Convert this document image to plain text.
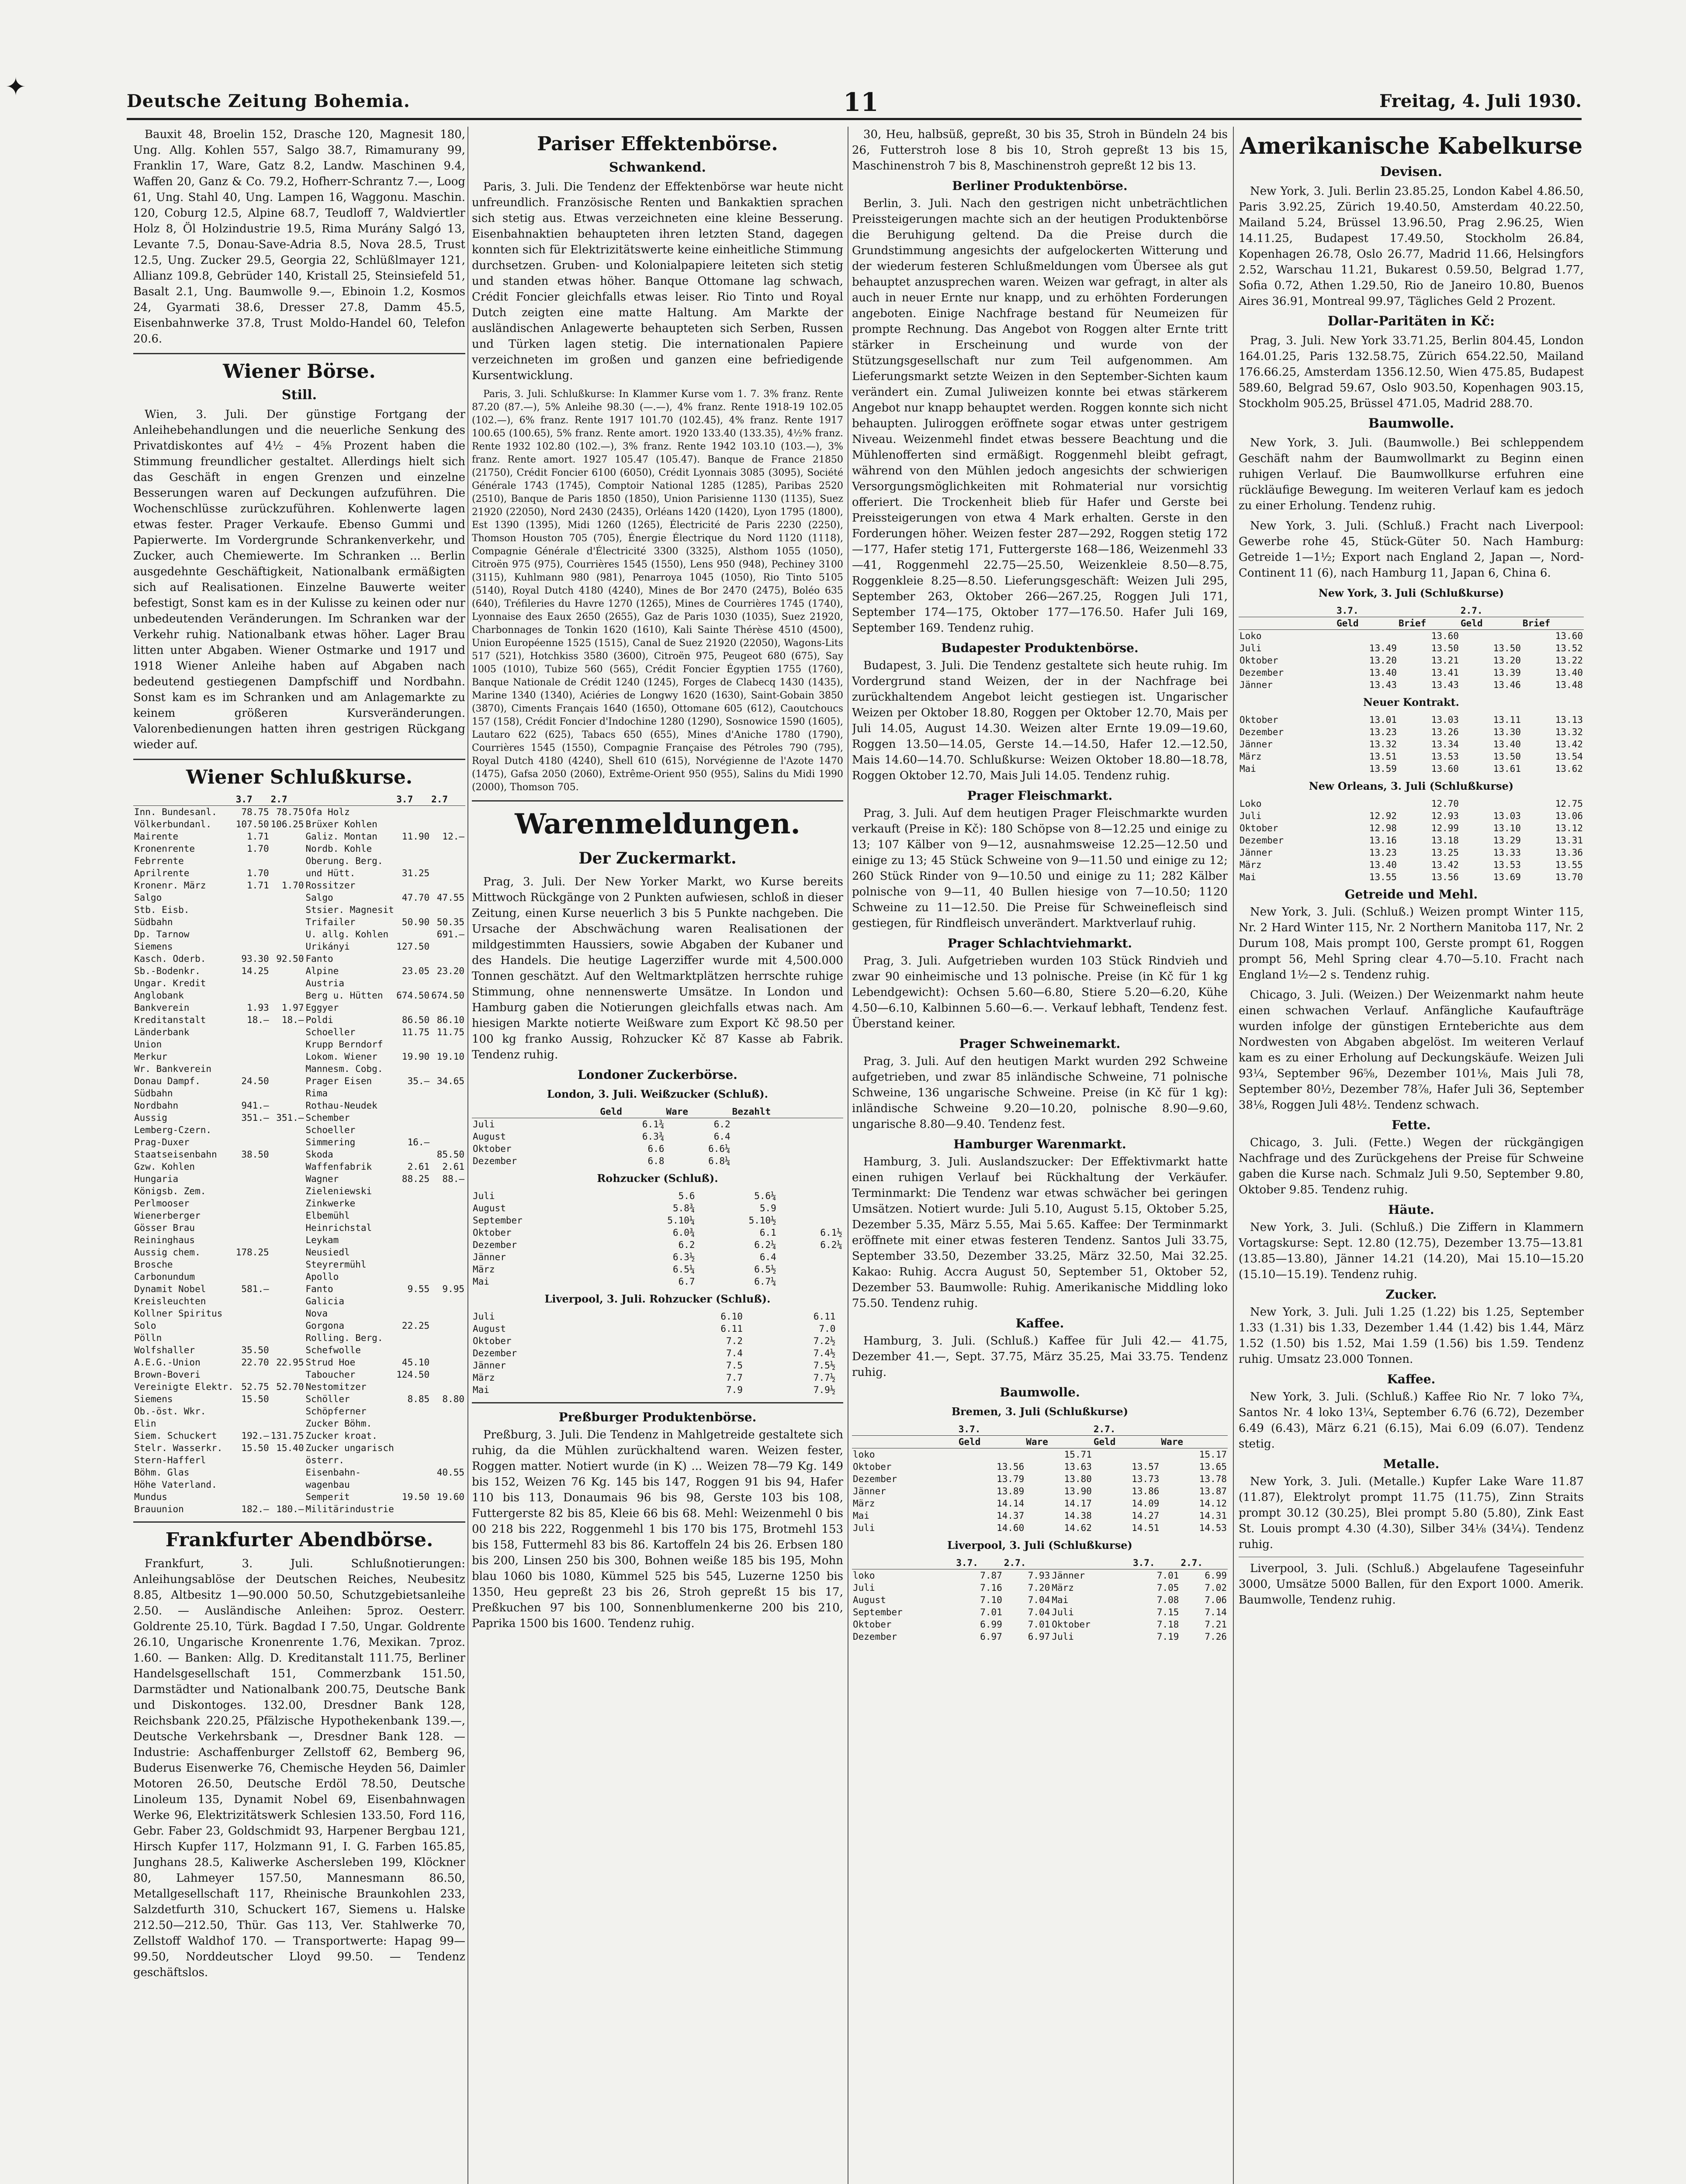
✦	Deutsche Zeitung Bohemia.	11	Freitag, 4. Juli 1930.

Bauxit 48, Broelin 152, Drasche 120, Magnesit 180, Ung. Allg. Kohlen 557, Salgo 38.7, Rimamurany 99, Franklin 17, Ware, Gatz 8.2, Landw. Maschinen 9.4, Waffen 20, Ganz & Co. 79.2, Hofherr-Schrantz 7.—, Loog 61, Ung. Stahl 40, Ung. Lampen 16, Waggonu. Maschin. 120, Coburg 12.5, Alpine 68.7, Teudloff 7, Waldviertler Holz 8, Öl Holzindustrie 19.5, Rima Murány Salgó 13, Levante 7.5, Donau-Save-Adria 8.5, Nova 28.5, Trust 12.5, Ung. Zucker 29.5, Georgia 22, Schlüßlmayer 121, Allianz 109.8, Gebrüder 140, Kristall 25, Steinsiefeld 51, Basalt 2.1, Ung. Baumwolle 9.—, Ebinoin 1.2, Kosmos 24, Gyarmati 38.6, Dresser 27.8, Damm 45.5, Eisenbahnwerke 37.8, Trust Moldo-Handel 60, Telefon 20.6.

Wiener Börse.
Still.

Wien, 3. Juli. Der günstige Fortgang der Anleihebehandlungen und die neuerliche Senkung des Privatdiskontes auf 4½ – 4⅝ Prozent haben die Stimmung freundlicher gestaltet. Allerdings hielt sich das Geschäft in engen Grenzen und einzelne Besserungen waren auf Deckungen aufzuführen. Die Wochenschlüsse zurückzuführen. Kohlenwerte lagen etwas fester. Prager Verkaufe. Ebenso Gummi und Papierwerte. Im Vordergrunde Schrankenverkehr, und Zucker, auch Chemiewerte. Im Schranken ... Berlin ausgedehnte Geschäftigkeit, Nationalbank ermäßigten sich auf Realisationen. Einzelne Bauwerte weiter befestigt, Sonst kam es in der Kulisse zu keinen oder nur unbedeutenden Veränderungen. Im Schranken war der Verkehr ruhig. Nationalbank etwas höher. Lager Brau litten unter Abgaben. Wiener Ostmarke und 1917 und 1918 Wiener Anleihe haben auf Abgaben nach bedeutend gestiegenen Dampfschiff und Nordbahn. Sonst kam es im Schranken und am Anlagemarkte zu keinem größeren Kursveränderungen. Valorenbedienungen hatten ihren gestrigen Rückgang wieder auf.

Wiener Schlußkurse.
	3.7	2.7		3.7	2.7
Inn. Bundesanl.	78.75	78.75	Ofa Holz		
Völkerbundanl.	107.50	106.25	Brüxer Kohlen		
Mairente	1.71		Galiz. Montan	11.90	12.—
Kronenrente	1.70		Nordb. Kohle		
Febrrente			Oberung. Berg.		
Aprilrente	1.70		und Hütt.	31.25	
Kronenr. März	1.71	1.70	Rossitzer		
Salgo			Salgo	47.70	47.55
Stb. Eisb.			Stsier. Magnesit		
Südbahn			Trifailer	50.90	50.35
Dp. Tarnow			U. allg. Kohlen		691.—
Siemens			Urikányi	127.50	
Kasch. Oderb.	93.30	92.50	Fanto		
Sb.-Bodenkr.	14.25		Alpine	23.05	23.20
Ungar. Kredit			Austria		
Anglobank			Berg u. Hütten	674.50	674.50
Bankverein	1.93	1.97	Eggyer		
Kreditanstalt	18.—	18.—	Poldi	86.50	86.10
Länderbank			Schoeller	11.75	11.75
Union			Krupp Berndorf		
Merkur			Lokom. Wiener	19.90	19.10
Wr. Bankverein			Mannesm. Cobg.		
Donau Dampf.	24.50		Prager Eisen	35.—	34.65
Südbahn			Rima		
Nordbahn	941.—		Rothau-Neudek		
Aussig	351.—	351.—	Schember		
Lemberg-Czern.			Schoeller		
Prag-Duxer			Simmering	16.—	
Staatseisenbahn	38.50		Skoda		85.50
Gzw. Kohlen			Waffenfabrik	2.61	2.61
Hungaria			Wagner	88.25	88.—
Königsb. Zem.			Zieleniewski		
Perlmooser			Zinkwerke		
Wienerberger			Elbemühl		
Gösser Brau			Heinrichstal		
Reininghaus			Leykam		
Aussig chem.	178.25		Neusiedl		
Brosche			Steyrermühl		
Carbonundum			Apollo		
Dynamit Nobel	581.—		Fanto	9.55	9.95
Kreisleuchten			Galicia		
Kollner Spiritus			Nova		
Solo			Gorgona	22.25	
Pölln			Rolling. Berg.		
Wolfshaller	35.50		Schefwolle		
A.E.G.-Union	22.70	22.95	Strud Hoe	45.10	
Brown-Boveri			Taboucher	124.50	
Vereinigte Elektr.	52.75	52.70	Nestomitzer		
Siemens	15.50		Schöller	8.85	8.80
Ob.-öst. Wkr.			Schöpferner		
Elin			Zucker Böhm.		
Siem. Schuckert	192.—	131.75	Zucker kroat.		
Stelr. Wasserkr.	15.50	15.40	Zucker ungarisch		
Stern-Hafferl			österr.		
Böhm. Glas			Eisenbahn-		40.55
Höhe Vaterland.			wagenbau		
Mundus			Semperit	19.50	19.60
Brauunion	182.—	180.—	Militärindustrie		
Frankfurter Abendbörse.

Frankfurt, 3. Juli. Schlußnotierungen: Anleihungsablöse der Deutschen Reiches, Neubesitz 8.85, Altbesitz 1—90.000 50.50, Schutzgebietsanleihe 2.50. — Ausländische Anleihen: 5proz. Oesterr. Goldrente 25.10, Türk. Bagdad I 7.50, Ungar. Goldrente 26.10, Ungarische Kronenrente 1.76, Mexikan. 7proz. 1.60. — Banken: Allg. D. Kreditanstalt 111.75, Berliner Handelsgesellschaft 151, Commerzbank 151.50, Darmstädter und Nationalbank 200.75, Deutsche Bank und Diskontoges. 132.00, Dresdner Bank 128, Reichsbank 220.25, Pfälzische Hypothekenbank 139.—, Deutsche Verkehrsbank —, Dresdner Bank 128. — Industrie: Aschaffenburger Zellstoff 62, Bemberg 96, Buderus Eisenwerke 76, Chemische Heyden 56, Daimler Motoren 26.50, Deutsche Erdöl 78.50, Deutsche Linoleum 135, Dynamit Nobel 69, Eisenbahnwagen Werke 96, Elektrizitätswerk Schlesien 133.50, Ford 116, Gebr. Faber 23, Goldschmidt 93, Harpener Bergbau 121, Hirsch Kupfer 117, Holzmann 91, I. G. Farben 165.85, Junghans 28.5, Kaliwerke Aschersleben 199, Klöckner 80, Lahmeyer 157.50, Mannesmann 86.50, Metallgesellschaft 117, Rheinische Braunkohlen 233, Salzdetfurth 310, Schuckert 167, Siemens u. Halske 212.50—212.50, Thür. Gas 113, Ver. Stahlwerke 70, Zellstoff Waldhof 170. — Transportwerte: Hapag 99—99.50, Norddeutscher Lloyd 99.50. — Tendenz geschäftslos.

Pariser Effektenbörse.
Schwankend.

Paris, 3. Juli. Die Tendenz der Effektenbörse war heute nicht unfreundlich. Französische Renten und Bankaktien sprachen sich stetig aus. Etwas verzeichneten eine kleine Besserung. Eisenbahnaktien behaupteten ihren letzten Stand, dagegen konnten sich für Elektrizitätswerte keine einheitliche Stimmung durchsetzen. Gruben- und Kolonialpapiere leiteten sich stetig und standen etwas höher. Banque Ottomane lag schwach, Crédit Foncier gleichfalls etwas leiser. Rio Tinto und Royal Dutch zeigten eine matte Haltung. Am Markte der ausländischen Anlagewerte behaupteten sich Serben, Russen und Türken lagen stetig. Die internationalen Papiere verzeichneten im großen und ganzen eine befriedigende Kursentwicklung.

Paris, 3. Juli. Schlußkurse: In Klammer Kurse vom 1. 7. 3% franz. Rente 87.20 (87.—), 5% Anleihe 98.30 (—.—), 4% franz. Rente 1918-19 102.05 (102.—), 6% franz. Rente 1917 101.70 (102.45), 4% franz. Rente 1917 100.65 (100.65), 5% franz. Rente amort. 1920 133.40 (133.35), 4½% franz. Rente 1932 102.80 (102.—), 3% franz. Rente 1942 103.10 (103.—), 3% franz. Rente amort. 1927 105.47 (105.47). Banque de France 21850 (21750), Crédit Foncier 6100 (6050), Crédit Lyonnais 3085 (3095), Société Générale 1743 (1745), Comptoir National 1285 (1285), Paribas 2520 (2510), Banque de Paris 1850 (1850), Union Parisienne 1130 (1135), Suez 21920 (22050), Nord 2430 (2435), Orléans 1420 (1420), Lyon 1795 (1800), Est 1390 (1395), Midi 1260 (1265), Électricité de Paris 2230 (2250), Thomson Houston 705 (705), Énergie Électrique du Nord 1120 (1118), Compagnie Générale d'Électricité 3300 (3325), Alsthom 1055 (1050), Citroën 975 (975), Courrières 1545 (1550), Lens 950 (948), Pechiney 3100 (3115), Kuhlmann 980 (981), Penarroya 1045 (1050), Rio Tinto 5105 (5140), Royal Dutch 4180 (4240), Mines de Bor 2470 (2475), Boléo 635 (640), Tréfileries du Havre 1270 (1265), Mines de Courrières 1745 (1740), Lyonnaise des Eaux 2650 (2655), Gaz de Paris 1030 (1035), Suez 21920, Charbonnages de Tonkin 1620 (1610), Kali Sainte Thérèse 4510 (4500), Union Européenne 1525 (1515), Canal de Suez 21920 (22050), Wagons-Lits 517 (521), Hotchkiss 3580 (3600), Citroën 975, Peugeot 680 (675), Say 1005 (1010), Tubize 560 (565), Crédit Foncier Égyptien 1755 (1760), Banque Nationale de Crédit 1240 (1245), Forges de Clabecq 1430 (1435), Marine 1340 (1340), Aciéries de Longwy 1620 (1630), Saint-Gobain 3850 (3870), Ciments Français 1640 (1650), Ottomane 605 (612), Caoutchoucs 157 (158), Crédit Foncier d'Indochine 1280 (1290), Sosnowice 1590 (1605), Lautaro 622 (625), Tabacs 650 (655), Mines d'Aniche 1780 (1790), Courrières 1545 (1550), Compagnie Française des Pétroles 790 (795), Royal Dutch 4180 (4240), Shell 610 (615), Norvégienne de l'Azote 1470 (1475), Gafsa 2050 (2060), Extrême-Orient 950 (955), Salins du Midi 1990 (2000), Thomson 705.

Warenmeldungen.
Der Zuckermarkt.

Prag, 3. Juli. Der New Yorker Markt, wo Kurse bereits Mittwoch Rückgänge von 2 Punkten aufwiesen, schloß in dieser Zeitung, einen Kurse neuerlich 3 bis 5 Punkte nachgeben. Die Ursache der Abschwächung waren Realisationen der mildgestimmten Haussiers, sowie Abgaben der Kubaner und des Handels. Die heutige Lagerziffer wurde mit 4,500.000 Tonnen geschätzt. Auf den Weltmarktplätzen herrschte ruhige Stimmung, ohne nennenswerte Umsätze. In London und Hamburg gaben die Notierungen gleichfalls etwas nach. Am hiesigen Markte notierte Weißware zum Export Kč 98.50 per 100 kg franko Aussig, Rohzucker Kč 87 Kasse ab Fabrik. Tendenz ruhig.

Londoner Zuckerbörse.
London, 3. Juli. Weißzucker (Schluß).
	Geld	Ware	Bezahlt
Juli	6.1¾	6.2	
August	6.3¾	6.4	
Oktober	6.6	6.6¼	
Dezember	6.8	6.8¼	
Rohzucker (Schluß).
Juli	5.6	5.6¼	
August	5.8¾	5.9	
September	5.10¼	5.10½	
Oktober	6.0¾	6.1	6.1½
Dezember	6.2	6.2¼	6.2¼
Jänner	6.3½	6.4	
März	6.5¼	6.5½	
Mai	6.7	6.7¼	
Liverpool, 3. Juli. Rohzucker (Schluß).
Juli	6.10	6.11	
August	6.11	7.0	
Oktober	7.2	7.2½	
Dezember	7.4	7.4½	
Jänner	7.5	7.5½	
März	7.7	7.7½	
Mai	7.9	7.9½	
Preßburger Produktenbörse.

Preßburg, 3. Juli. Die Tendenz in Mahlgetreide gestaltete sich ruhig, da die Mühlen zurückhaltend waren. Weizen fester, Roggen matter. Notiert wurde (in K) ... Weizen 78—79 Kg. 149 bis 152, Weizen 76 Kg. 145 bis 147, Roggen 91 bis 94, Hafer 110 bis 113, Donaumais 96 bis 98, Gerste 103 bis 108, Futtergerste 82 bis 85, Kleie 66 bis 68. Mehl: Weizenmehl 0 bis 00 218 bis 222, Roggenmehl 1 bis 170 bis 175, Brotmehl 153 bis 158, Futtermehl 83 bis 86. Kartoffeln 24 bis 26. Erbsen 180 bis 200, Linsen 250 bis 300, Bohnen weiße 185 bis 195, Mohn blau 1060 bis 1080, Kümmel 525 bis 545, Luzerne 1250 bis 1350, Heu gepreßt 23 bis 26, Stroh gepreßt 15 bis 17, Preßkuchen 97 bis 100, Sonnenblumenkerne 200 bis 210, Paprika 1500 bis 1600. Tendenz ruhig.

30, Heu, halbsüß, gepreßt, 30 bis 35, Stroh in Bündeln 24 bis 26, Futterstroh lose 8 bis 10, Stroh gepreßt 13 bis 15, Maschinenstroh 7 bis 8, Maschinenstroh gepreßt 12 bis 13.

Berliner Produktenbörse.

Berlin, 3. Juli. Nach den gestrigen nicht unbeträchtlichen Preissteigerungen machte sich an der heutigen Produktenbörse die Beruhigung geltend. Da die Preise durch die Grundstimmung angesichts der aufgelockerten Witterung und der wiederum festeren Schlußmeldungen vom Übersee als gut behauptet anzusprechen waren. Weizen war gefragt, in alter als auch in neuer Ernte nur knapp, und zu erhöhten Forderungen angeboten. Einige Nachfrage bestand für Neumeizen für prompte Rechnung. Das Angebot von Roggen alter Ernte tritt stärker in Erscheinung und wurde von der Stützungsgesellschaft nur zum Teil aufgenommen. Am Lieferungsmarkt setzte Weizen in den September-Sichten kaum verändert ein. Zumal Juliweizen konnte bei etwas stärkerem Angebot nur knapp behauptet werden. Roggen konnte sich nicht behaupten. Juliroggen eröffnete sogar etwas unter gestrigem Niveau. Weizenmehl findet etwas bessere Beachtung und die Mühlenofferten sind ermäßigt. Roggenmehl bleibt gefragt, während von den Mühlen jedoch angesichts der schwierigen Versorgungsmöglichkeiten mit Rohmaterial nur vorsichtig offeriert. Die Trockenheit blieb für Hafer und Gerste bei Preissteigerungen von etwa 4 Mark erhalten. Gerste in den Forderungen höher. Weizen fester 287—292, Roggen stetig 172—177, Hafer stetig 171, Futtergerste 168—186, Weizenmehl 33—41, Roggenmehl 22.75—25.50, Weizenkleie 8.50—8.75, Roggenkleie 8.25—8.50. Lieferungsgeschäft: Weizen Juli 295, September 263, Oktober 266—267.25, Roggen Juli 171, September 174—175, Oktober 177—176.50. Hafer Juli 169, September 169. Tendenz ruhig.

Budapester Produktenbörse.

Budapest, 3. Juli. Die Tendenz gestaltete sich heute ruhig. Im Vordergrund stand Weizen, der in der Nachfrage bei zurückhaltendem Angebot leicht gestiegen ist. Ungarischer Weizen per Oktober 18.80, Roggen per Oktober 12.70, Mais per Juli 14.05, August 14.30. Weizen alter Ernte 19.09—19.60, Roggen 13.50—14.05, Gerste 14.—14.50, Hafer 12.—12.50, Mais 14.60—14.70. Schlußkurse: Weizen Oktober 18.80—18.78, Roggen Oktober 12.70, Mais Juli 14.05. Tendenz ruhig.

Prager Fleischmarkt.

Prag, 3. Juli. Auf dem heutigen Prager Fleischmarkte wurden verkauft (Preise in Kč): 180 Schöpse von 8—12.25 und einige zu 13; 107 Kälber von 9—12, ausnahmsweise 12.25—12.50 und einige zu 13; 45 Stück Schweine von 9—11.50 und einige zu 12; 260 Stück Rinder von 9—10.50 und einige zu 11; 282 Kälber polnische von 9—11, 40 Bullen hiesige von 7—10.50; 1120 Schweine zu 11—12.50. Die Preise für Schweinefleisch sind gestiegen, für Rindfleisch unverändert. Marktverlauf ruhig.

Prager Schlachtviehmarkt.

Prag, 3. Juli. Aufgetrieben wurden 103 Stück Rindvieh und zwar 90 einheimische und 13 polnische. Preise (in Kč für 1 kg Lebendgewicht): Ochsen 5.60—6.80, Stiere 5.20—6.20, Kühe 4.50—6.10, Kalbinnen 5.60—6.—. Verkauf lebhaft, Tendenz fest. Überstand keiner.

Prager Schweinemarkt.

Prag, 3. Juli. Auf den heutigen Markt wurden 292 Schweine aufgetrieben, und zwar 85 inländische Schweine, 71 polnische Schweine, 136 ungarische Schweine. Preise (in Kč für 1 kg): inländische Schweine 9.20—10.20, polnische 8.90—9.60, ungarische 8.80—9.40. Tendenz fest.

Hamburger Warenmarkt.

Hamburg, 3. Juli. Auslandszucker: Der Effektivmarkt hatte einen ruhigen Verlauf bei Rückhaltung der Verkäufer. Terminmarkt: Die Tendenz war etwas schwächer bei geringen Umsätzen. Notiert wurde: Juli 5.10, August 5.15, Oktober 5.25, Dezember 5.35, März 5.55, Mai 5.65. Kaffee: Der Terminmarkt eröffnete mit einer etwas festeren Tendenz. Santos Juli 33.75, September 33.50, Dezember 33.25, März 32.50, Mai 32.25. Kakao: Ruhig. Accra August 50, September 51, Oktober 52, Dezember 53. Baumwolle: Ruhig. Amerikanische Middling loko 75.50. Tendenz ruhig.

Kaffee.

Hamburg, 3. Juli. (Schluß.) Kaffee für Juli 42.— 41.75, Dezember 41.—, Sept. 37.75, März 35.25, Mai 33.75. Tendenz ruhig.

Baumwolle.
Bremen, 3. Juli (Schlußkurse)
	3.7.		2.7.	
	Geld	Ware	Geld	Ware
loko		15.71		15.17
Oktober	13.56	13.63	13.57	13.65
Dezember	13.79	13.80	13.73	13.78
Jänner	13.89	13.90	13.86	13.87
März	14.14	14.17	14.09	14.12
Mai	14.37	14.38	14.27	14.31
Juli	14.60	14.62	14.51	14.53
Liverpool, 3. Juli (Schlußkurse)
	3.7.	2.7.		3.7.	2.7.
loko	7.87	7.93	Jänner	7.01	6.99
Juli	7.16	7.20	März	7.05	7.02
August	7.10	7.04	Mai	7.08	7.06
September	7.01	7.04	Juli	7.15	7.14
Oktober	6.99	7.01	Oktober	7.18	7.21
Dezember	6.97	6.97	Juli	7.19	7.26
Amerikanische Kabelkurse
Devisen.

New York, 3. Juli. Berlin 23.85.25, London Kabel 4.86.50, Paris 3.92.25, Zürich 19.40.50, Amsterdam 40.22.50, Mailand 5.24, Brüssel 13.96.50, Prag 2.96.25, Wien 14.11.25, Budapest 17.49.50, Stockholm 26.84, Kopenhagen 26.78, Oslo 26.77, Madrid 11.66, Helsingfors 2.52, Warschau 11.21, Bukarest 0.59.50, Belgrad 1.77, Sofia 0.72, Athen 1.29.50, Rio de Janeiro 10.80, Buenos Aires 36.91, Montreal 99.97, Tägliches Geld 2 Prozent.

Dollar-Paritäten in Kč:

Prag, 3. Juli. New York 33.71.25, Berlin 804.45, London 164.01.25, Paris 132.58.75, Zürich 654.22.50, Mailand 176.66.25, Amsterdam 1356.12.50, Wien 475.85, Budapest 589.60, Belgrad 59.67, Oslo 903.50, Kopenhagen 903.15, Stockholm 905.25, Brüssel 471.05, Madrid 288.70.

Baumwolle.

New York, 3. Juli. (Baumwolle.) Bei schleppendem Geschäft nahm der Baumwollmarkt zu Beginn einen ruhigen Verlauf. Die Baumwollkurse erfuhren eine rückläufige Bewegung. Im weiteren Verlauf kam es jedoch zu einer Erholung. Tendenz ruhig.

New York, 3. Juli. (Schluß.) Fracht nach Liverpool: Gewerbe rohe 45, Stück-Güter 50. Nach Hamburg: Getreide 1—1½; Export nach England 2, Japan —, Nord-Continent 11 (6), nach Hamburg 11, Japan 6, China 6.

New York, 3. Juli (Schlußkurse)
	3.7.		2.7.	
	Geld	Brief	Geld	Brief
Loko		13.60		13.60
Juli	13.49	13.50	13.50	13.52
Oktober	13.20	13.21	13.20	13.22
Dezember	13.40	13.41	13.39	13.40
Jänner	13.43	13.43	13.46	13.48
Neuer Kontrakt.
Oktober	13.01	13.03	13.11	13.13
Dezember	13.23	13.26	13.30	13.32
Jänner	13.32	13.34	13.40	13.42
März	13.51	13.53	13.50	13.54
Mai	13.59	13.60	13.61	13.62
New Orleans, 3. Juli (Schlußkurse)
Loko		12.70		12.75
Juli	12.92	12.93	13.03	13.06
Oktober	12.98	12.99	13.10	13.12
Dezember	13.16	13.18	13.29	13.31
Jänner	13.23	13.25	13.33	13.36
März	13.40	13.42	13.53	13.55
Mai	13.55	13.56	13.69	13.70
Getreide und Mehl.

New York, 3. Juli. (Schluß.) Weizen prompt Winter 115, Nr. 2 Hard Winter 115, Nr. 2 Northern Manitoba 117, Nr. 2 Durum 108, Mais prompt 100, Gerste prompt 61, Roggen prompt 56, Mehl Spring clear 4.70—5.10. Fracht nach England 1½—2 s. Tendenz ruhig.

Chicago, 3. Juli. (Weizen.) Der Weizenmarkt nahm heute einen schwachen Verlauf. Anfängliche Kaufaufträge wurden infolge der günstigen Ernteberichte aus dem Nordwesten von Abgaben abgelöst. Im weiteren Verlauf kam es zu einer Erholung auf Deckungskäufe. Weizen Juli 93¼, September 96⅝, Dezember 101⅛, Mais Juli 78, September 80½, Dezember 78⅞, Hafer Juli 36, September 38⅛, Roggen Juli 48½. Tendenz schwach.

Fette.

Chicago, 3. Juli. (Fette.) Wegen der rückgängigen Nachfrage und des Zurückgehens der Preise für Schweine gaben die Kurse nach. Schmalz Juli 9.50, September 9.80, Oktober 9.85. Tendenz ruhig.

Häute.

New York, 3. Juli. (Schluß.) Die Ziffern in Klammern Vortagskurse: Sept. 12.80 (12.75), Dezember 13.75—13.81 (13.85—13.80), Jänner 14.21 (14.20), Mai 15.10—15.20 (15.10—15.19). Tendenz ruhig.

Zucker.

New York, 3. Juli. Juli 1.25 (1.22) bis 1.25, September 1.33 (1.31) bis 1.33, Dezember 1.44 (1.42) bis 1.44, März 1.52 (1.50) bis 1.52, Mai 1.59 (1.56) bis 1.59. Tendenz ruhig. Umsatz 23.000 Tonnen.

Kaffee.

New York, 3. Juli. (Schluß.) Kaffee Rio Nr. 7 loko 7¾, Santos Nr. 4 loko 13¼, September 6.76 (6.72), Dezember 6.49 (6.43), März 6.21 (6.15), Mai 6.09 (6.07). Tendenz stetig.

Metalle.

New York, 3. Juli. (Metalle.) Kupfer Lake Ware 11.87 (11.87), Elektrolyt prompt 11.75 (11.75), Zinn Straits prompt 30.12 (30.25), Blei prompt 5.80 (5.80), Zink East St. Louis prompt 4.30 (4.30), Silber 34⅛ (34¼). Tendenz ruhig.

Liverpool, 3. Juli. (Schluß.) Abgelaufene Tageseinfuhr 3000, Umsätze 5000 Ballen, für den Export 1000. Amerik. Baumwolle, Tendenz ruhig.
